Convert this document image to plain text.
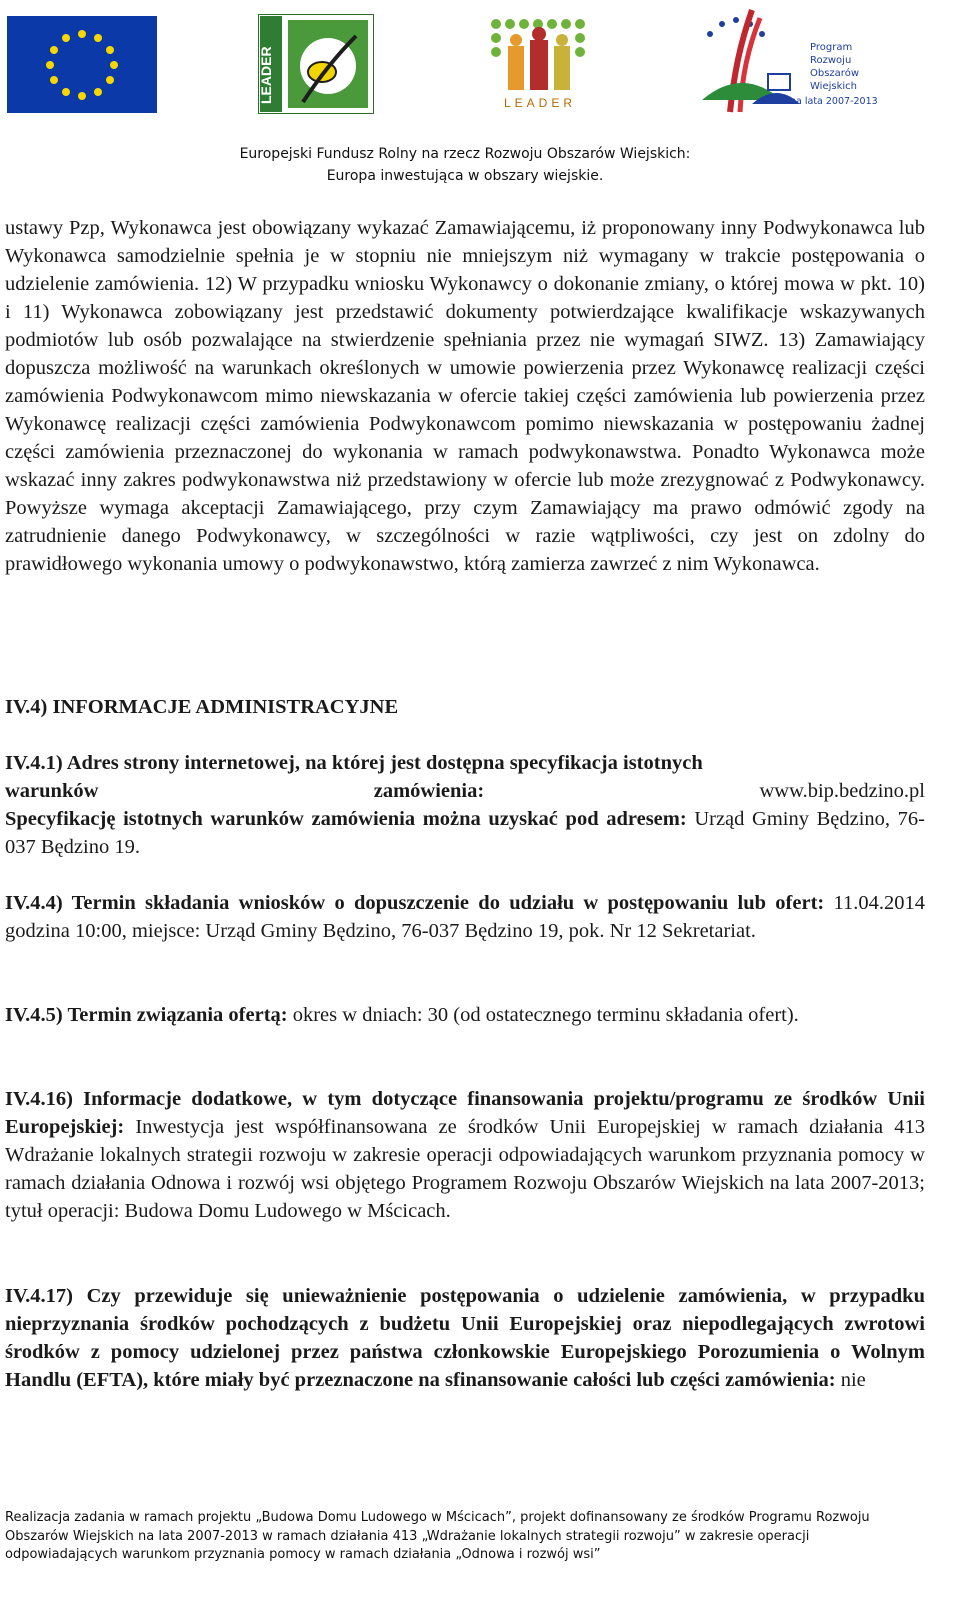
LEADER	LEADER
Program
Rozwoju
Obszarów
Wiejskich
na lata 2007-2013
Europejski Fundusz Rolny na rzecz Rozwoju Obszarów Wiejskich:
Europa inwestująca w obszary wiejskie.

ustawy Pzp, Wykonawca jest obowiązany wykazać Zamawiającemu, iż proponowany inny Podwykonawca lub Wykonawca samodzielnie spełnia je w stopniu nie mniejszym niż wymagany w trakcie postępowania o udzielenie zamówienia. 12) W przypadku wniosku Wykonawcy o dokonanie zmiany, o której mowa w pkt. 10) i 11) Wykonawca zobowiązany jest przedstawić dokumenty potwierdzające kwalifikacje wskazywanych podmiotów lub osób pozwalające na stwierdzenie spełniania przez nie wymagań SIWZ. 13) Zamawiający dopuszcza możliwość na warunkach określonych w umowie powierzenia przez Wykonawcę realizacji części zamówienia Podwykonawcom mimo niewskazania w ofercie takiej części zamówienia lub powierzenia przez Wykonawcę realizacji części zamówienia Podwykonawcom pomimo niewskazania w postępowaniu żadnej części zamówienia przeznaczonej do wykonania w ramach podwykonawstwa. Ponadto Wykonawca może wskazać inny zakres podwykonawstwa niż przedstawiony w ofercie lub może zrezygnować z Podwykonawcy. Powyższe wymaga akceptacji Zamawiającego, przy czym Zamawiający ma prawo odmówić zgody na zatrudnienie danego Podwykonawcy, w szczególności w razie wątpliwości, czy jest on zdolny do prawidłowego wykonania umowy o podwykonawstwo, którą zamierza zawrzeć z nim Wykonawca.

IV.4) INFORMACJE ADMINISTRACYJNE
IV.4.1) Adres strony internetowej, na której jest dostępna specyfikacja istotnych
warunków	zamówienia:	www.bip.bedzino.pl
Specyfikację istotnych warunków zamówienia można uzyskać pod adresem: Urząd Gminy Będzino, 76-037 Będzino 19.
IV.4.4) Termin składania wniosków o dopuszczenie do udziału w postępowaniu lub ofert: 11.04.2014 godzina 10:00, miejsce: Urząd Gminy Będzino, 76-037 Będzino 19, pok. Nr 12 Sekretariat.
IV.4.5) Termin związania ofertą: okres w dniach: 30 (od ostatecznego terminu składania ofert).
IV.4.16) Informacje dodatkowe, w tym dotyczące finansowania projektu/programu ze środków Unii Europejskiej: Inwestycja jest współfinansowana ze środków Unii Europejskiej w ramach działania 413 Wdrażanie lokalnych strategii rozwoju w zakresie operacji odpowiadających warunkom przyznania pomocy w ramach działania Odnowa i rozwój wsi objętego Programem Rozwoju Obszarów Wiejskich na lata 2007-2013; tytuł operacji: Budowa Domu Ludowego w Mścicach.
IV.4.17) Czy przewiduje się unieważnienie postępowania o udzielenie zamówienia, w przypadku nieprzyznania środków pochodzących z budżetu Unii Europejskiej oraz niepodlegających zwrotowi środków z pomocy udzielonej przez państwa członkowskie Europejskiego Porozumienia o Wolnym Handlu (EFTA), które miały być przeznaczone na sfinansowanie całości lub części zamówienia: nie
Realizacja zadania w ramach projektu „Budowa Domu Ludowego w Mścicach”, projekt dofinansowany ze środków Programu Rozwoju
Obszarów Wiejskich na lata 2007-2013 w ramach działania 413 „Wdrażanie lokalnych strategii rozwoju” w zakresie operacji
odpowiadających warunkom przyznania pomocy w ramach działania „Odnowa i rozwój wsi”
